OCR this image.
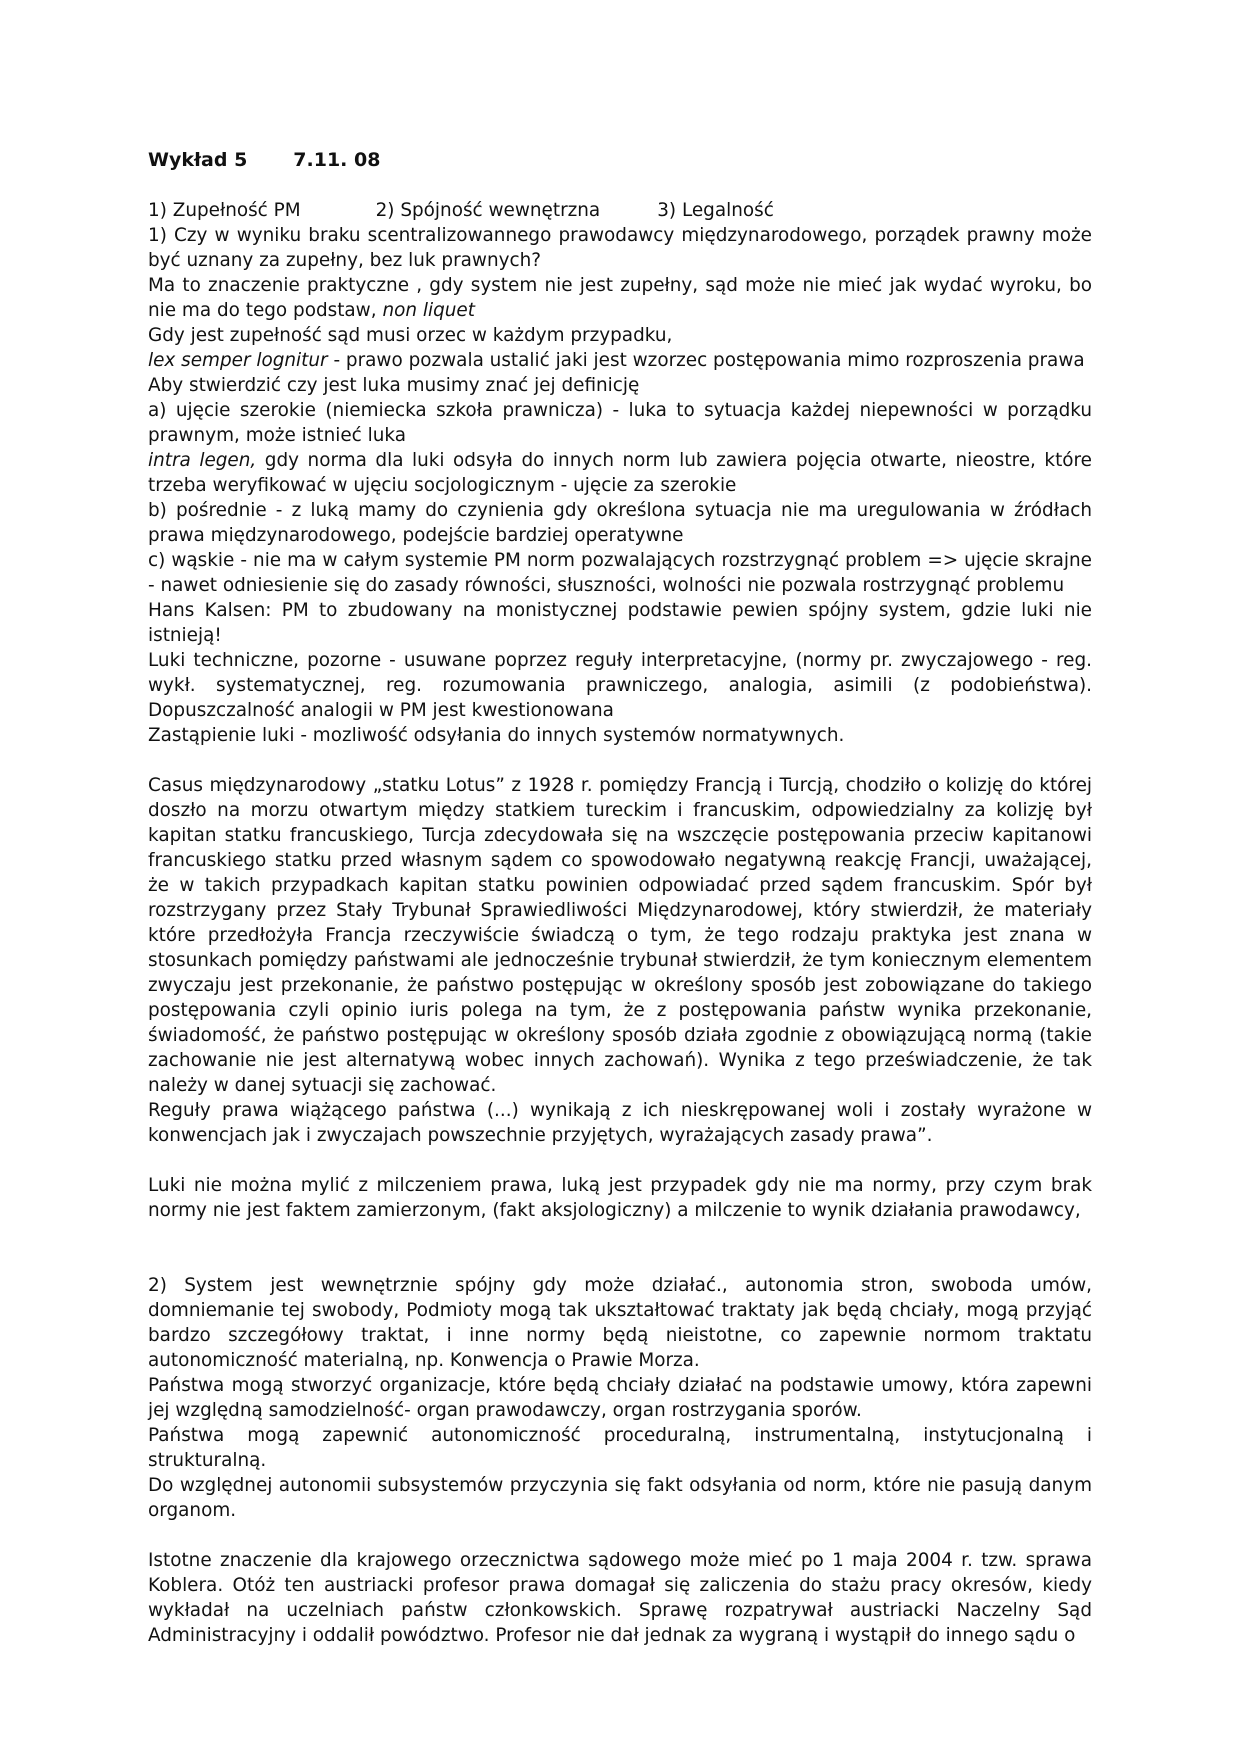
Wykład 5 7.11. 08
1) Zupełność PM	2) Spójność wewnętrzna	3) Legalność

1) Czy w wyniku braku scentralizowannego prawodawcy międzynarodowego, porządek prawny może być uznany za zupełny, bez luk prawnych?

Ma to znaczenie praktyczne , gdy system nie jest zupełny, sąd może nie mieć jak wydać wyroku, bo nie ma do tego podstaw, non liquet

Gdy jest zupełność sąd musi orzec w każdym przypadku,

lex semper lognitur - prawo pozwala ustalić jaki jest wzorzec postępowania mimo rozproszenia prawa

Aby stwierdzić czy jest luka musimy znać jej definicję

a) ujęcie szerokie (niemiecka szkoła prawnicza) - luka to sytuacja każdej niepewności w porządku prawnym, może istnieć luka

intra legen, gdy norma dla luki odsyła do innych norm lub zawiera pojęcia otwarte, nieostre, które trzeba weryfikować w ujęciu socjologicznym - ujęcie za szerokie

b) pośrednie - z luką mamy do czynienia gdy określona sytuacja nie ma uregulowania w źródłach prawa międzynarodowego, podejście bardziej operatywne

c) wąskie - nie ma w całym systemie PM norm pozwalających rozstrzygnąć problem => ujęcie skrajne - nawet odniesienie się do zasady równości, słuszności, wolności nie pozwala rostrzygnąć problemu

Hans Kalsen: PM to zbudowany na monistycznej podstawie pewien spójny system, gdzie luki nie istnieją!

Luki techniczne, pozorne - usuwane poprzez reguły interpretacyjne, (normy pr. zwyczajowego - reg. wykł. systematycznej, reg. rozumowania prawniczego, analogia, asimili (z podobieństwa). Dopuszczalność analogii w PM jest kwestionowana

Zastąpienie luki - mozliwość odsyłania do innych systemów normatywnych.

Casus międzynarodowy „statku Lotus” z 1928 r. pomiędzy Francją i Turcją, chodziło o kolizję do której doszło na morzu otwartym między statkiem tureckim i francuskim, odpowiedzialny za kolizję był kapitan statku francuskiego, Turcja zdecydowała się na wszczęcie postępowania przeciw kapitanowi francuskiego statku przed własnym sądem co spowodowało negatywną reakcję Francji, uważającej, że w takich przypadkach kapitan statku powinien odpowiadać przed sądem francuskim. Spór był rozstrzygany przez Stały Trybunał Sprawiedliwości Międzynarodowej, który stwierdził, że materiały które przedłożyła Francja rzeczywiście świadczą o tym, że tego rodzaju praktyka jest znana w stosunkach pomiędzy państwami ale jednocześnie trybunał stwierdził, że tym koniecznym elementem zwyczaju jest przekonanie, że państwo postępując w określony sposób jest zobowiązane do takiego postępowania czyli opinio iuris polega na tym, że z postępowania państw wynika przekonanie, świadomość, że państwo postępując w określony sposób działa zgodnie z obowiązującą normą (takie zachowanie nie jest alternatywą wobec innych zachowań). Wynika z tego przeświadczenie, że tak należy w danej sytuacji się zachować.

Reguły prawa wiążącego państwa (...) wynikają z ich nieskrępowanej woli i zostały wyrażone w konwencjach jak i zwyczajach powszechnie przyjętych, wyrażających zasady prawa”.

Luki nie można mylić z milczeniem prawa, luką jest przypadek gdy nie ma normy, przy czym brak normy nie jest faktem zamierzonym, (fakt aksjologiczny) a milczenie to wynik działania prawodawcy,

2) System jest wewnętrznie spójny gdy może działać., autonomia stron, swoboda umów, domniemanie tej swobody, Podmioty mogą tak ukształtować traktaty jak będą chciały, mogą przyjąć bardzo szczegółowy traktat, i inne normy będą nieistotne, co zapewnie normom traktatu autonomiczność materialną, np. Konwencja o Prawie Morza.

Państwa mogą stworzyć organizacje, które będą chciały działać na podstawie umowy, która zapewni jej względną samodzielność- organ prawodawczy, organ rostrzygania sporów.

Państwa mogą zapewnić autonomiczność proceduralną, instrumentalną, instytucjonalną i strukturalną.

Do względnej autonomii subsystemów przyczynia się fakt odsyłania od norm, które nie pasują danym organom.

Istotne znaczenie dla krajowego orzecznictwa sądowego może mieć po 1 maja 2004 r. tzw. sprawa Koblera. Otóż ten austriacki profesor prawa domagał się zaliczenia do stażu pracy okresów, kiedy wykładał na uczelniach państw członkowskich. Sprawę rozpatrywał austriacki Naczelny Sąd Administracyjny i oddalił powództwo. Profesor nie dał jednak za wygraną i wystąpił do innego sądu o
